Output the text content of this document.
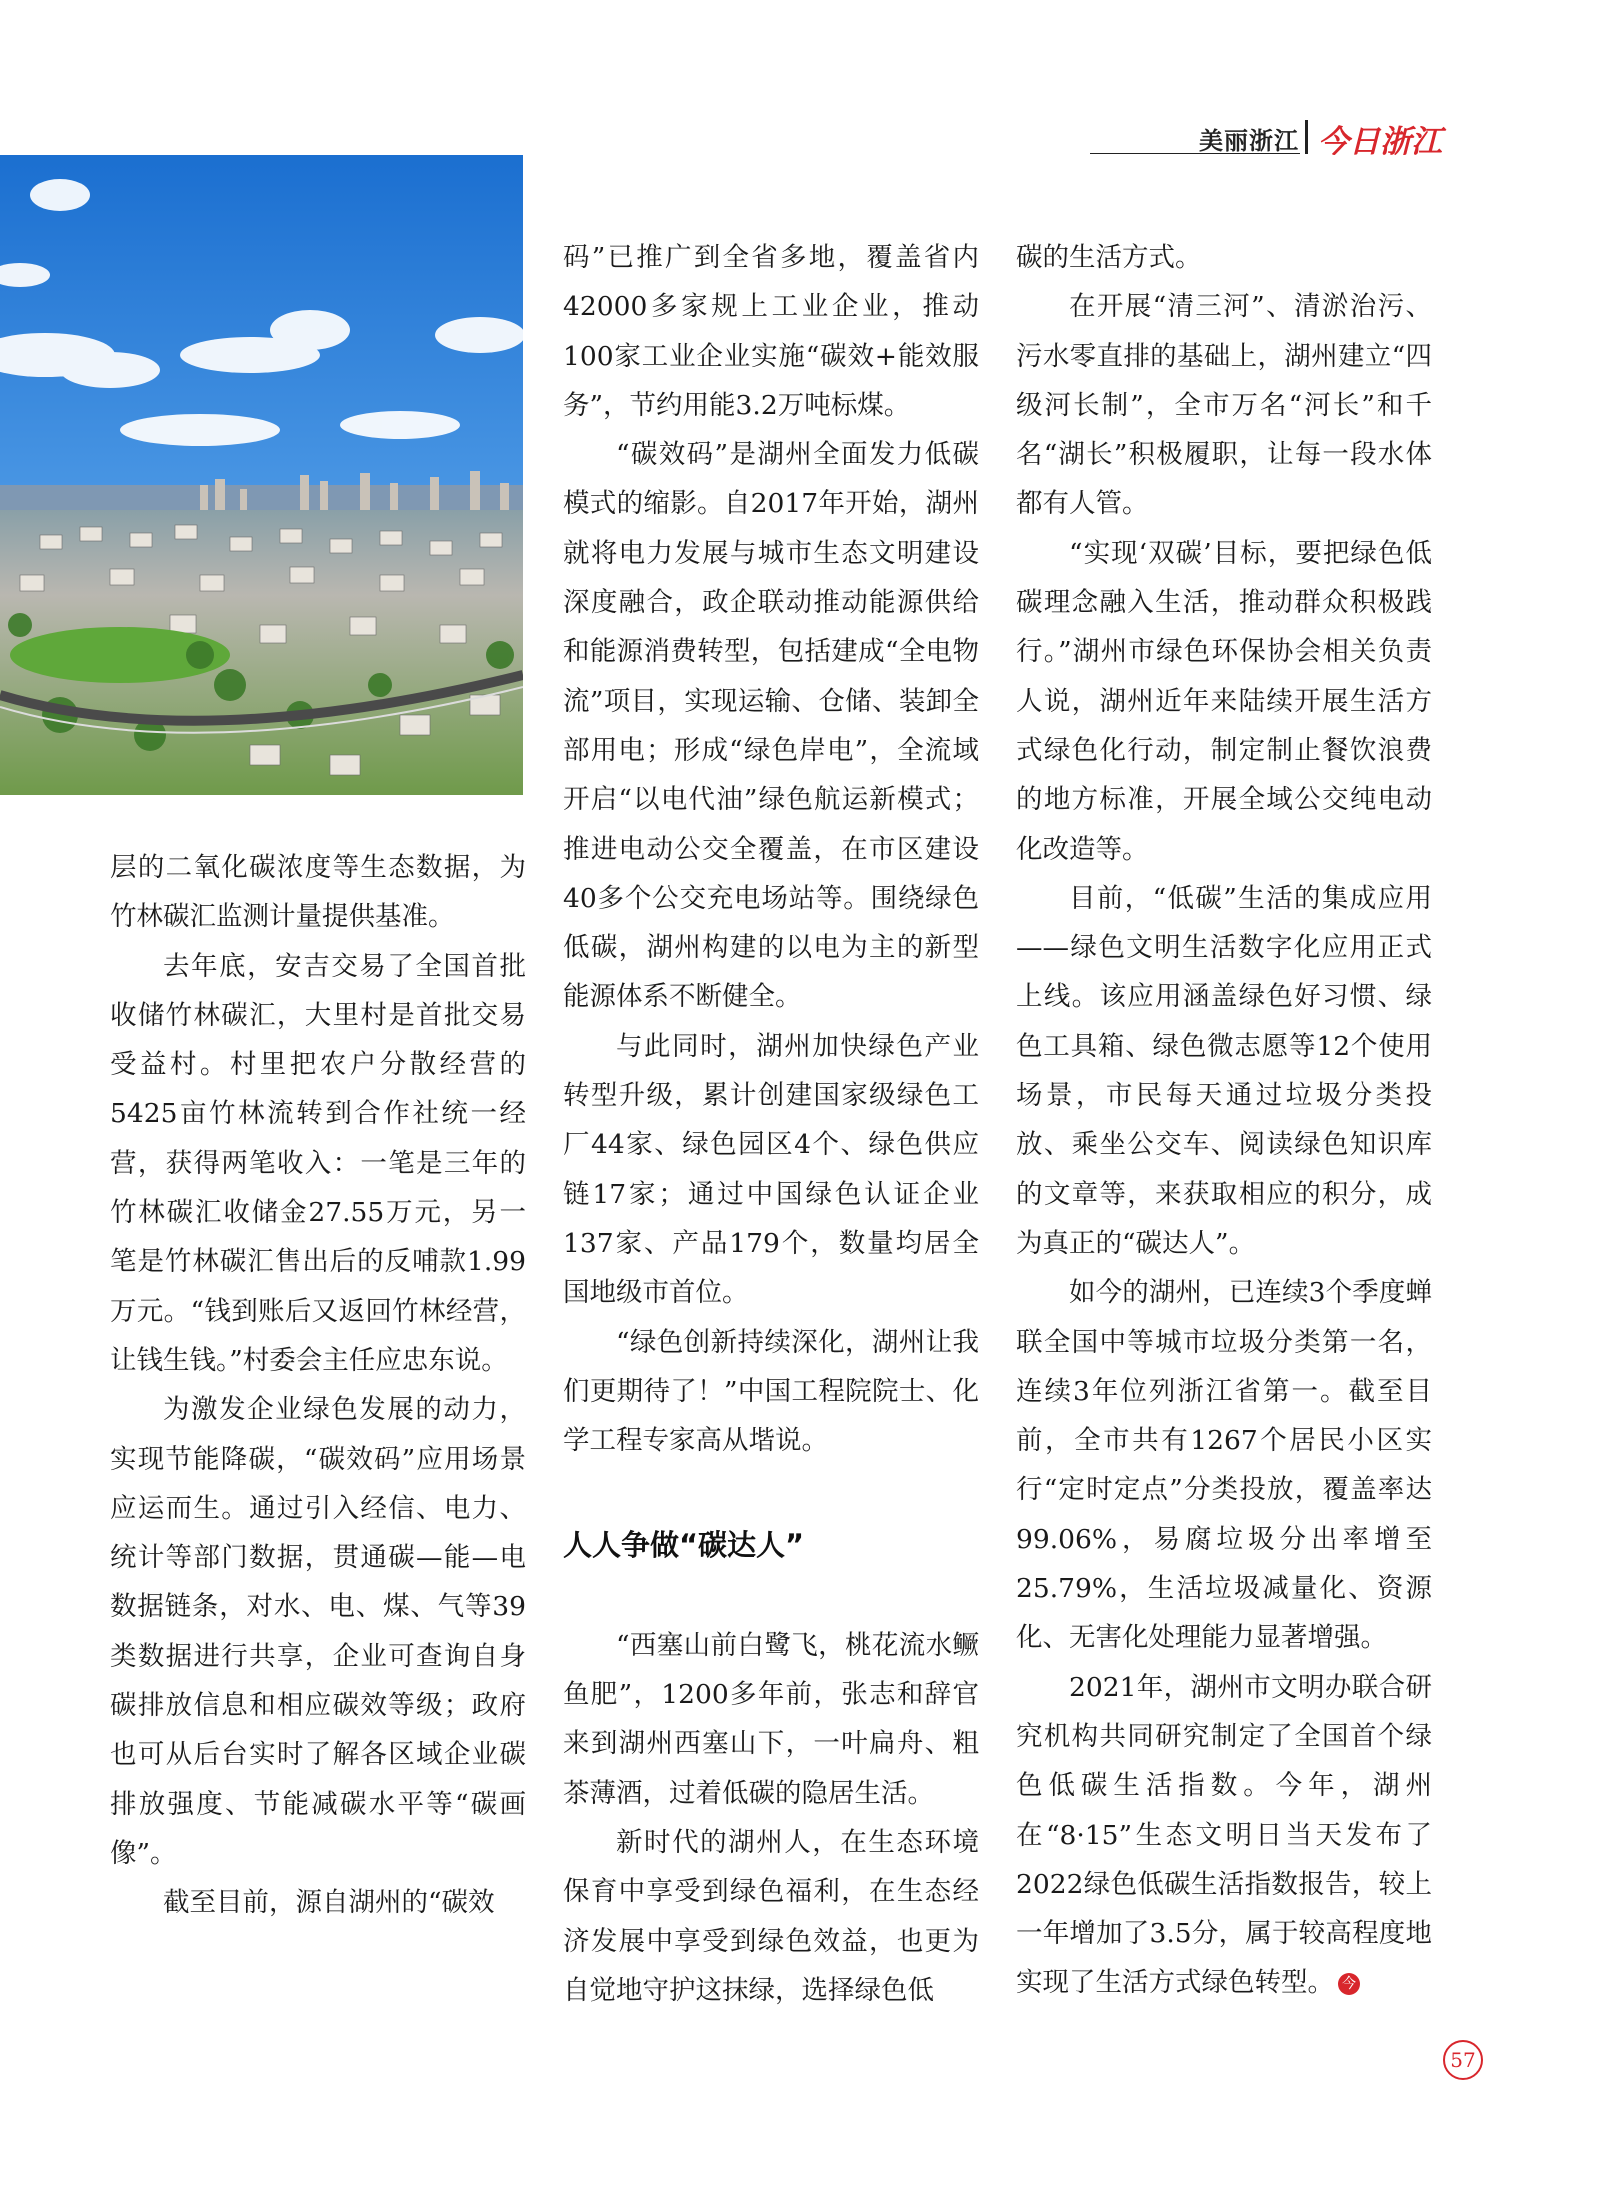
美丽浙江 今日浙江

层的二氧化碳浓度等生态数据，为竹林碳汇监测计量提供基准。

去年底，安吉交易了全国首批收储竹林碳汇，大里村是首批交易受益村。村里把农户分散经营的5425亩竹林流转到合作社统一经营，获得两笔收入：一笔是三年的竹林碳汇收储金27.55万元，另一笔是竹林碳汇售出后的反哺款1.99万元。“钱到账后又返回竹林经营，让钱生钱。”村委会主任应忠东说。

为激发企业绿色发展的动力，实现节能降碳，“碳效码”应用场景应运而生。通过引入经信、电力、统计等部门数据，贯通碳—能—电数据链条，对水、电、煤、气等39类数据进行共享，企业可查询自身碳排放信息和相应碳效等级；政府也可从后台实时了解各区域企业碳排放强度、节能减碳水平等“碳画像”。

截至目前，源自湖州的“碳效

码”已推广到全省多地，覆盖省内42000多家规上工业企业，推动100家工业企业实施“碳效+能效服务”，节约用能3.2万吨标煤。

“碳效码”是湖州全面发力低碳模式的缩影。自2017年开始，湖州就将电力发展与城市生态文明建设深度融合，政企联动推动能源供给和能源消费转型，包括建成“全电物流”项目，实现运输、仓储、装卸全部用电；形成“绿色岸电”，全流域开启“以电代油”绿色航运新模式；推进电动公交全覆盖，在市区建设40多个公交充电场站等。围绕绿色低碳，湖州构建的以电为主的新型能源体系不断健全。

与此同时，湖州加快绿色产业转型升级，累计创建国家级绿色工厂44家、绿色园区4个、绿色供应链17家；通过中国绿色认证企业137家、产品179个，数量均居全国地级市首位。

“绿色创新持续深化，湖州让我们更期待了！”中国工程院院士、化学工程专家高从堦说。

人人争做“碳达人”

“西塞山前白鹭飞，桃花流水鳜鱼肥”，1200多年前，张志和辞官来到湖州西塞山下，一叶扁舟、粗茶薄酒，过着低碳的隐居生活。

新时代的湖州人，在生态环境保育中享受到绿色福利，在生态经济发展中享受到绿色效益，也更为自觉地守护这抹绿，选择绿色低

碳的生活方式。

在开展“清三河”、清淤治污、污水零直排的基础上，湖州建立“四级河长制”，全市万名“河长”和千名“湖长”积极履职，让每一段水体都有人管。

“实现‘双碳’目标，要把绿色低碳理念融入生活，推动群众积极践行。”湖州市绿色环保协会相关负责人说，湖州近年来陆续开展生活方式绿色化行动，制定制止餐饮浪费的地方标准，开展全域公交纯电动化改造等。

目前，“低碳”生活的集成应用——绿色文明生活数字化应用正式上线。该应用涵盖绿色好习惯、绿色工具箱、绿色微志愿等12个使用场景，市民每天通过垃圾分类投放、乘坐公交车、阅读绿色知识库的文章等，来获取相应的积分，成为真正的“碳达人”。

如今的湖州，已连续3个季度蝉联全国中等城市垃圾分类第一名，连续3年位列浙江省第一。截至目前，全市共有1267个居民小区实行“定时定点”分类投放，覆盖率达99.06%，易腐垃圾分出率增至25.79%，生活垃圾减量化、资源化、无害化处理能力显著增强。

2021年，湖州市文明办联合研究机构共同研究制定了全国首个绿色低碳生活指数。今年，湖州在“8·15”生态文明日当天发布了2022绿色低碳生活指数报告，较上一年增加了3.5分，属于较高程度地实现了生活方式绿色转型。 今

57
